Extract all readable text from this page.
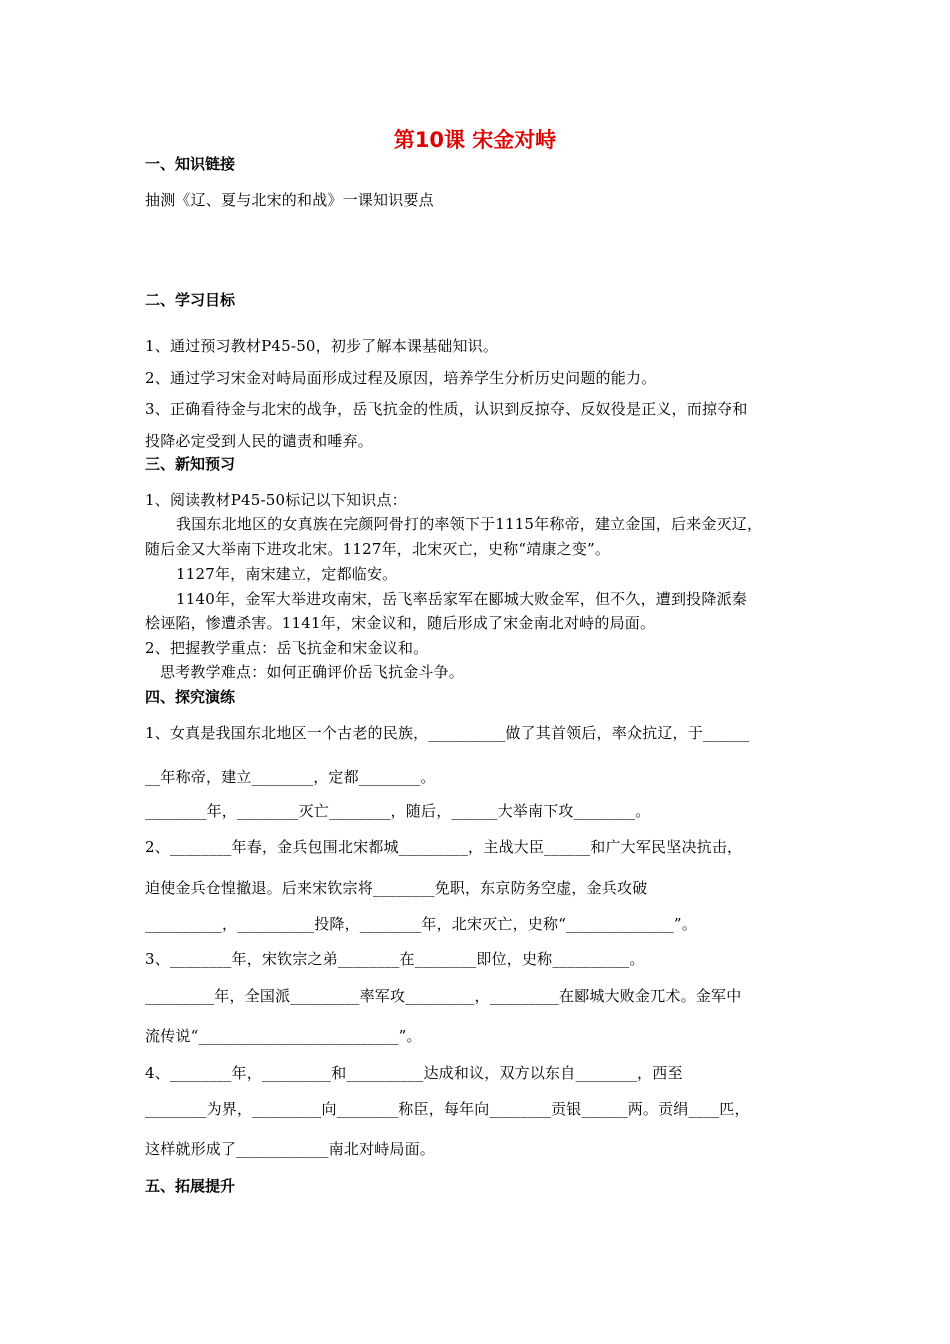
第10课 宋金对峙
一、知识链接
抽测《辽、夏与北宋的和战》一课知识要点
二、学习目标
1、通过预习教材P45-50，初步了解本课基础知识。
2、通过学习宋金对峙局面形成过程及原因，培养学生分析历史问题的能力。
3、正确看待金与北宋的战争，岳飞抗金的性质，认识到反掠夺、反奴役是正义，而掠夺和
投降必定受到人民的谴责和唾弃。
三、新知预习
1、阅读教材P45-50标记以下知识点：
我国东北地区的女真族在完颜阿骨打的率领下于1115年称帝，建立金国，后来金灭辽，
随后金又大举南下进攻北宋。1127年，北宋灭亡，史称“靖康之变”。
1127年，南宋建立，定都临安。
1140年，金军大举进攻南宋，岳飞率岳家军在郾城大败金军，但不久，遭到投降派秦
桧诬陷，惨遭杀害。1141年，宋金议和，随后形成了宋金南北对峙的局面。
2、把握教学重点：岳飞抗金和宋金议和。
思考教学难点：如何正确评价岳飞抗金斗争。
四、探究演练
1、女真是我国东北地区一个古老的民族，__________做了其首领后，率众抗辽，于______
__年称帝，建立________，定都________。
________年，________灭亡________，随后，______大举南下攻________。
2、________年春，金兵包围北宋都城_________，主战大臣______和广大军民坚决抗击，
迫使金兵仓惶撤退。后来宋钦宗将________免职，东京防务空虚，金兵攻破
__________，__________投降，________年，北宋灭亡，史称“______________”。
3、________年，宋钦宗之弟________在________即位，史称__________。
_________年，全国派_________率军攻_________，_________在郾城大败金兀术。金军中
流传说“__________________________”。
4、________年，_________和__________达成和议，双方以东自________，西至
________为界，_________向________称臣，每年向________贡银______两。贡绢____匹，
这样就形成了____________南北对峙局面。
五、拓展提升
